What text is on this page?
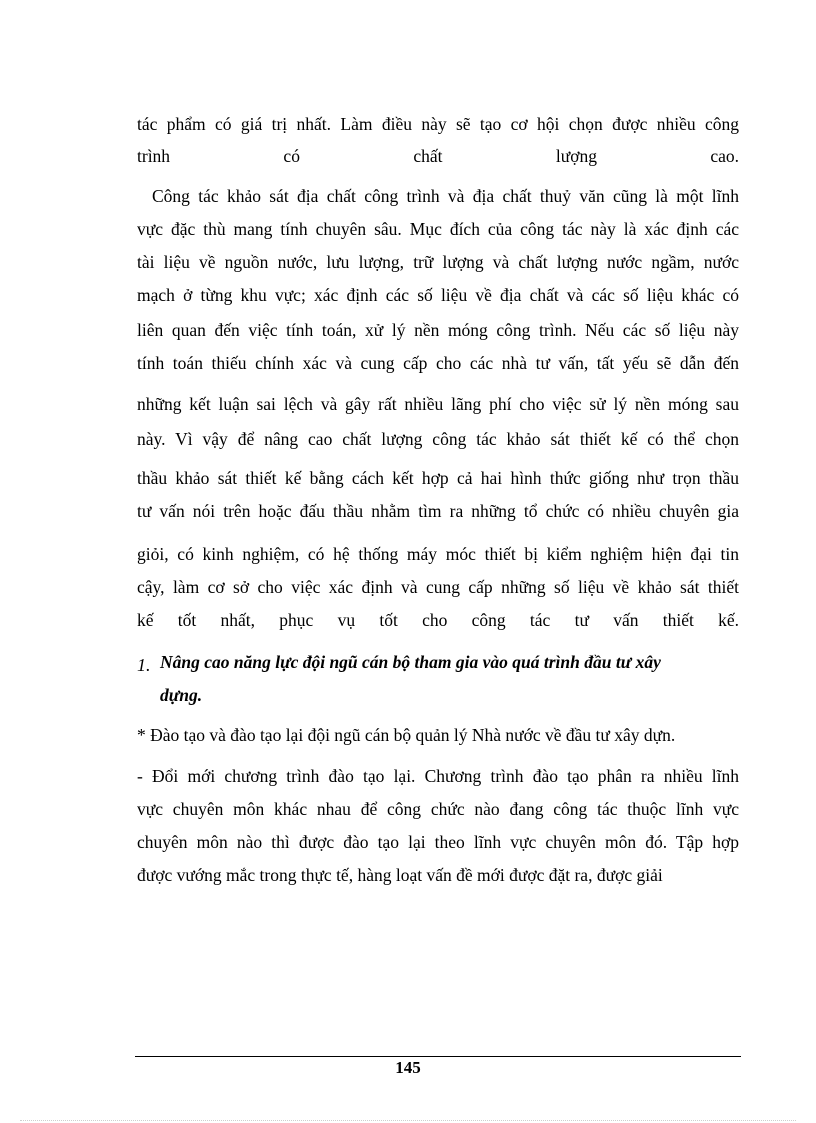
tác phẩm có giá trị nhất. Làm điều này sẽ tạo cơ hội chọn được nhiều công
trình có chất lượng cao.
Công tác khảo sát địa chất công trình và địa chất thuỷ văn cũng là một lĩnh
vực đặc thù mang tính chuyên sâu. Mục đích của công tác này là xác định các
tài liệu về nguồn nước, lưu lượng, trữ lượng và chất lượng nước ngầm, nước
mạch ở từng khu vực; xác định các số liệu về địa chất và các số liệu khác có
liên quan đến việc tính toán, xử lý nền móng công trình. Nếu các số liệu này
tính toán thiếu chính xác và cung cấp cho các nhà tư vấn, tất yếu sẽ dẫn đến
những kết luận sai lệch và gây rất nhiều lãng phí cho việc sử lý nền móng sau
này. Vì vậy để nâng cao chất lượng công tác khảo sát thiết kế có thể chọn
thầu khảo sát thiết kế bằng cách kết hợp cả hai hình thức giống như trọn thầu
tư vấn nói trên hoặc đấu thầu nhằm tìm ra những tổ chức có nhiều chuyên gia
giỏi, có kinh nghiệm, có hệ thống máy móc thiết bị kiểm nghiệm hiện đại tin
cậy, làm cơ sở cho việc xác định và cung cấp những số liệu về khảo sát thiết
kế tốt nhất, phục vụ tốt cho công tác tư vấn thiết kế.
1. Nâng cao năng lực đội ngũ cán bộ tham gia vào quá trình đầu tư xây
dựng.
* Đào tạo và đào tạo lại đội ngũ cán bộ quản lý Nhà nước về đầu tư xây dựn.
- Đổi mới chương trình đào tạo lại. Chương trình đào tạo phân ra nhiều lĩnh
vực chuyên môn khác nhau để công chức nào đang công tác thuộc lĩnh vực
chuyên môn nào thì được đào tạo lại theo lĩnh vực chuyên môn đó. Tập hợp
được vướng mắc trong thực tế, hàng loạt vấn đề mới được đặt ra, được giải
145
